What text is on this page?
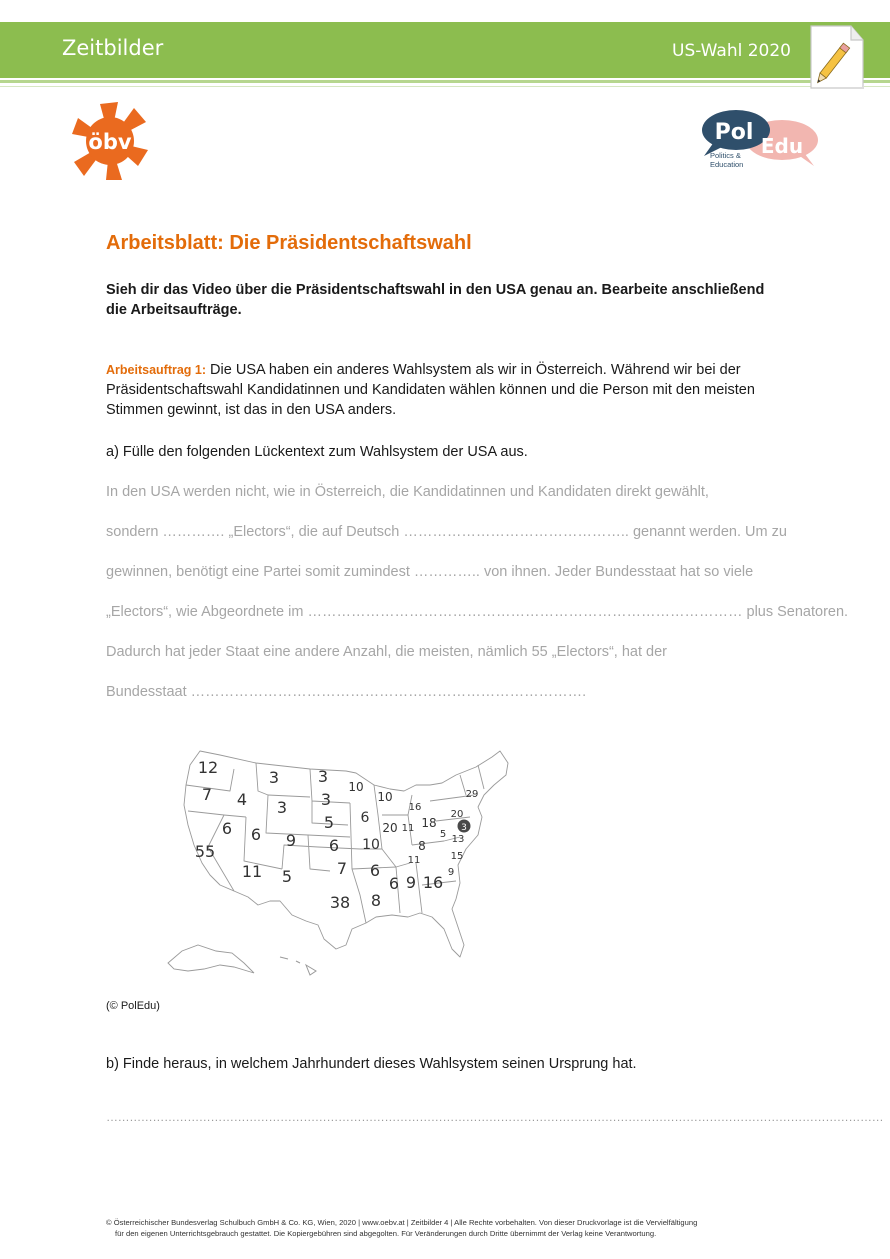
Zeitbilder	US-Wahl 2020
öbv	Pol
Edu
Politics &
Education
Arbeitsblatt: Die Präsidentschaftswahl
Sieh dir das Video über die Präsidentschaftswahl in den USA genau an. Bearbeite anschließend die Arbeitsaufträge.
Arbeitsauftrag 1: Die USA haben ein anderes Wahlsystem als wir in Österreich. Während wir bei der Präsidentschaftswahl Kandidatinnen und Kandidaten wählen können und die Person mit den meisten Stimmen gewinnt, ist das in den USA anders.
a) Fülle den folgenden Lückentext zum Wahlsystem der USA aus.
In den USA werden nicht, wie in Österreich, die Kandidatinnen und Kandidaten direkt gewählt,
sondern …………. „Electors“, die auf Deutsch ……………………………………….. genannt werden. Um zu
gewinnen, benötigt eine Partei somit zumindest ………….. von ihnen. Jeder Bundesstaat hat so viele
„Electors“, wie Abgeordnete im ……………………………………………………………………………… plus Senatoren.
Dadurch hat jeder Staat eine andere Anzahl, die meisten, nämlich 55 „Electors“, hat der
Bundesstaat ……………………………………………………………………….
12
7 4
3 3
3 3
10
10
16
29
6 6 9
5 6
20 11 18
20
3
5 13
55	6 10	8
11
15
11
5	7 6
6 9 16
9
38 8
(© PolEdu)
b) Finde heraus, in welchem Jahrhundert dieses Wahlsystem seinen Ursprung hat.
…………………………………………………………………………………………………………………………………………………………………………………
© Österreichischer Bundesverlag Schulbuch GmbH & Co. KG, Wien, 2020 | www.oebv.at | Zeitbilder 4 | Alle Rechte vorbehalten. Von dieser Druckvorlage ist die Vervielfältigung
für den eigenen Unterrichtsgebrauch gestattet. Die Kopiergebühren sind abgegolten. Für Veränderungen durch Dritte übernimmt der Verlag keine Verantwortung.
